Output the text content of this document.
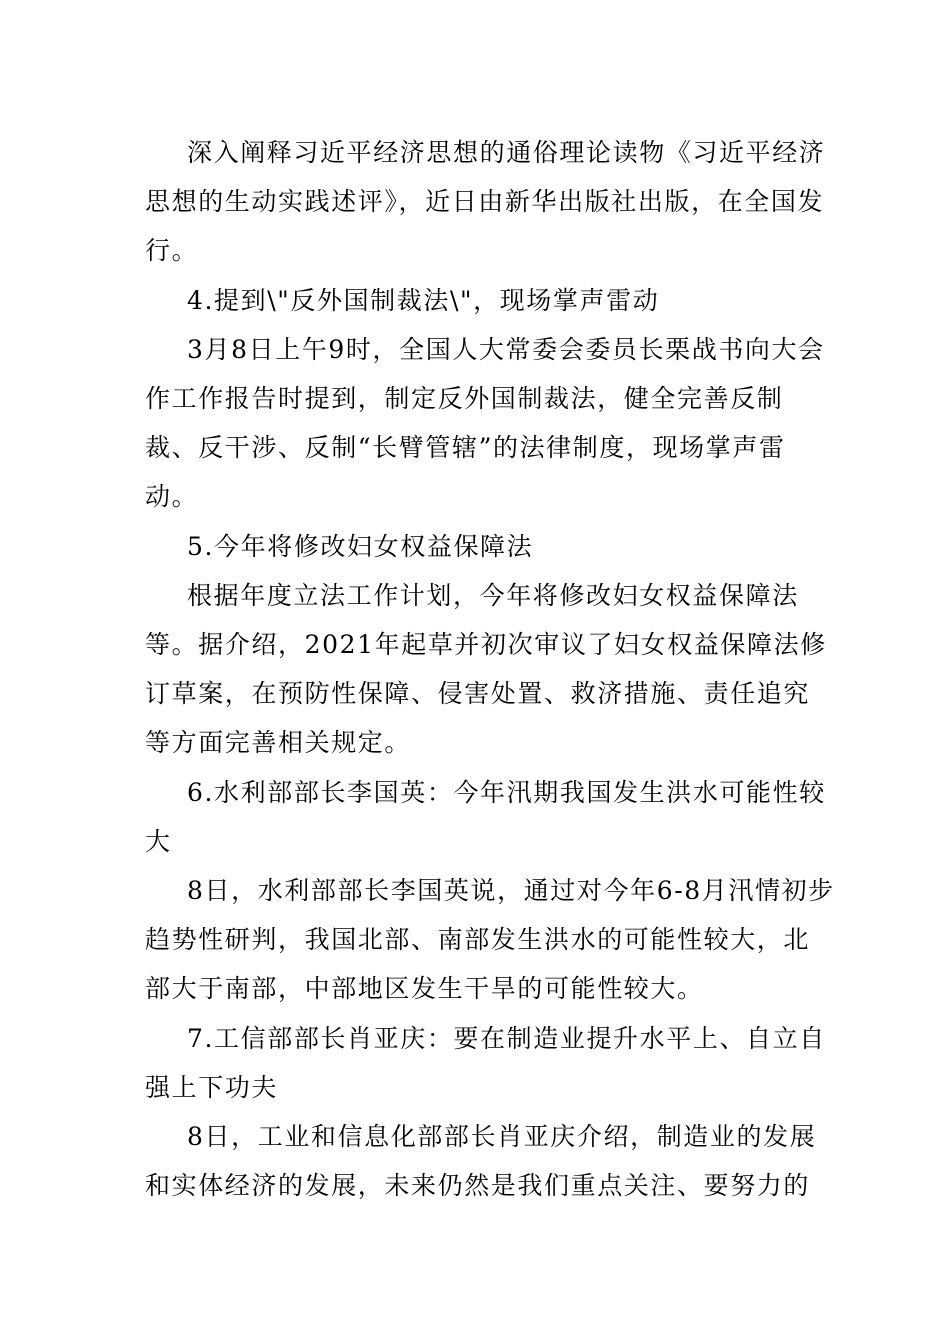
深入阐释习近平经济思想的通俗理论读物《习近平经济思想的生动实践述评》，近日由新华出版社出版，在全国发行。

4.提到\"反外国制裁法\"，现场掌声雷动

3月8日上午9时，全国人大常委会委员长栗战书向大会作工作报告时提到，制定反外国制裁法，健全完善反制裁、反干涉、反制“长臂管辖”的法律制度，现场掌声雷动。

5.今年将修改妇女权益保障法

根据年度立法工作计划，今年将修改妇女权益保障法等。据介绍，2021年起草并初次审议了妇女权益保障法修订草案，在预防性保障、侵害处置、救济措施、责任追究等方面完善相关规定。

6.水利部部长李国英：今年汛期我国发生洪水可能性较大

8日，水利部部长李国英说，通过对今年6-8月汛情初步趋势性研判，我国北部、南部发生洪水的可能性较大，北部大于南部，中部地区发生干旱的可能性较大。

7.工信部部长肖亚庆：要在制造业提升水平上、自立自强上下功夫

8日，工业和信息化部部长肖亚庆介绍，制造业的发展和实体经济的发展，未来仍然是我们重点关注、要努力的
